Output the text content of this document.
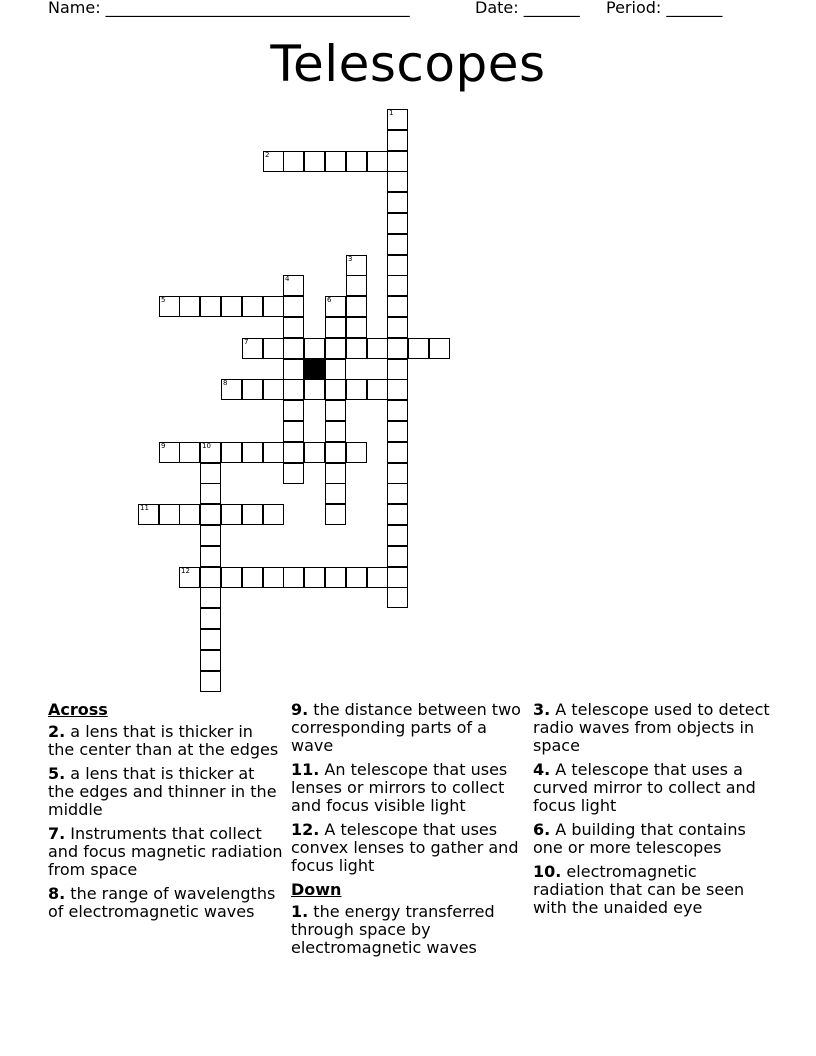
Name: ______________________________________	Date: _______ Period: _______
Telescopes
1
2
3
4
5	6
7
8
9	10
11
12
Across
2. a lens that is thicker in the center than at the edges
5. a lens that is thicker at the edges and thinner in the middle
7. Instruments that collect and focus magnetic radiation from space
8. the range of wavelengths of electromagnetic waves
9. the distance between two corresponding parts of a wave
11. An telescope that uses lenses or mirrors to collect and focus visible light
12. A telescope that uses convex lenses to gather and focus light
Down
1. the energy transferred through space by electromagnetic waves
3. A telescope used to detect radio waves from objects in space
4. A telescope that uses a curved mirror to collect and focus light
6. A building that contains one or more telescopes
10. electromagnetic radiation that can be seen with the unaided eye
